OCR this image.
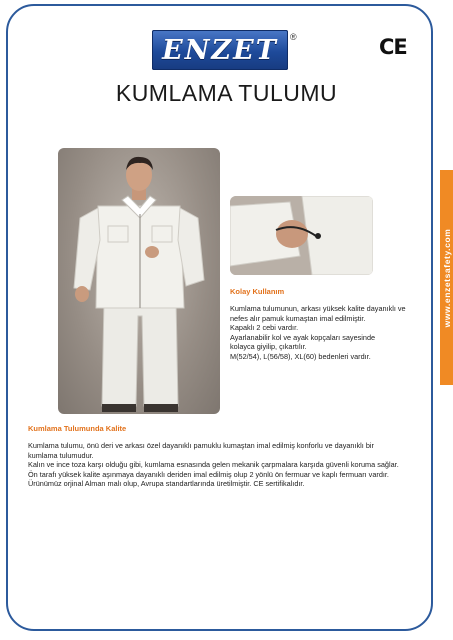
ENZET	®	CE
KUMLAMA TULUMU
www.enzetsafety.com
Kolay Kullanım
Kumlama tulumunun, arkası yüksek kalite dayanıklı ve
nefes alır pamuk kumaştan imal edilmiştir.
Kapaklı 2 cebi vardır.
Ayarlanabilir kol ve ayak kopçaları sayesinde
kolayca giyilip, çıkartılır.
M(52/54), L(56/58), XL(60) bedenleri vardır.
Kumlama Tulumunda Kalite
Kumlama tulumu, önü deri ve arkası özel dayanıklı pamuklu kumaştan imal edilmiş konforlu ve dayanıklı bir
kumlama tulumudur.
Kalın ve ince toza karşı olduğu gibi, kumlama esnasında gelen mekanik çarpmalara karşıda güvenli koruma sağlar.
Ön tarafı yüksek kalite aşınmaya dayanıklı deriden imal edilmiş olup 2 yönlü ön fermuar ve kaplı fermuarı vardır.
Ürünümüz orjinal Alman malı olup, Avrupa standartlarında üretilmiştir. CE sertifikalıdır.
